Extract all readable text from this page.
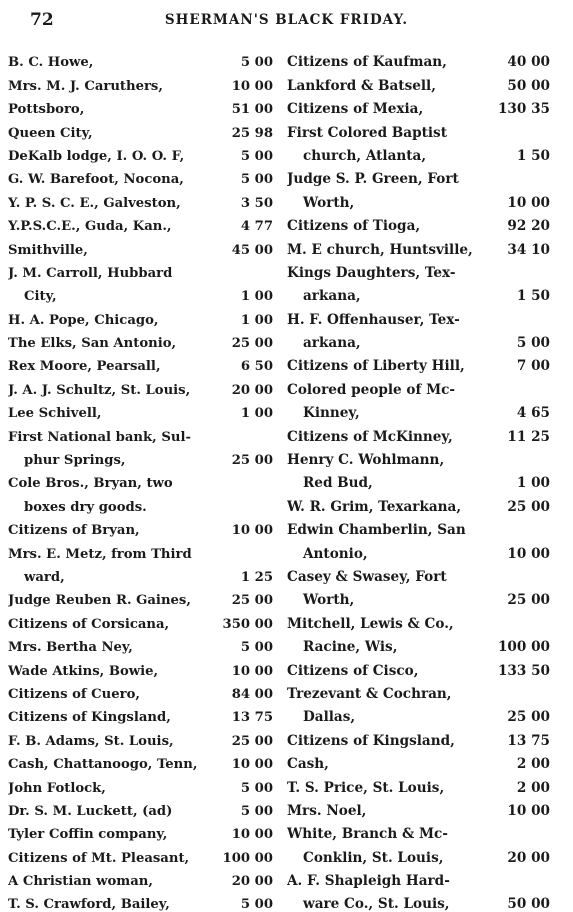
72	SHERMAN'S BLACK FRIDAY.
B. C. Howe,	5 00
Mrs. M. J. Caruthers,	10 00
Pottsboro,	51 00
Queen City,	25 98
DeKalb lodge, I. O. O. F,	5 00
G. W. Barefoot, Nocona,	5 00
Y. P. S. C. E., Galveston,	3 50
Y.P.S.C.E., Guda, Kan.,	4 77
Smithville,	45 00
J. M. Carroll, Hubbard
City,	1 00
H. A. Pope, Chicago,	1 00
The Elks, San Antonio,	25 00
Rex Moore, Pearsall,	6 50
J. A. J. Schultz, St. Louis,	20 00
Lee Schivell,	1 00
First National bank, Sul-
phur Springs,	25 00
Cole Bros., Bryan, two
boxes dry goods.
Citizens of Bryan,	10 00
Mrs. E. Metz, from Third
ward,	1 25
Judge Reuben R. Gaines,	25 00
Citizens of Corsicana,	350 00
Mrs. Bertha Ney,	5 00
Wade Atkins, Bowie,	10 00
Citizens of Cuero,	84 00
Citizens of Kingsland,	13 75
F. B. Adams, St. Louis,	25 00
Cash, Chattanoogo, Tenn,	10 00
John Fotlock,	5 00
Dr. S. M. Luckett, (ad)	5 00
Tyler Coffin company,	10 00
Citizens of Mt. Pleasant,	100 00
A Christian woman,	20 00
T. S. Crawford, Bailey,	5 00
Citizens of Kaufman,	40 00
Lankford & Batsell,	50 00
Citizens of Mexia,	130 35
First Colored Baptist
church, Atlanta,	1 50
Judge S. P. Green, Fort
Worth,	10 00
Citizens of Tioga,	92 20
M. E church, Huntsville,	34 10
Kings Daughters, Tex-
arkana,	1 50
H. F. Offenhauser, Tex-
arkana,	5 00
Citizens of Liberty Hill,	7 00
Colored people of Mc-
Kinney,	4 65
Citizens of McKinney,	11 25
Henry C. Wohlmann,
Red Bud,	1 00
W. R. Grim, Texarkana,	25 00
Edwin Chamberlin, San
Antonio,	10 00
Casey & Swasey, Fort
Worth,	25 00
Mitchell, Lewis & Co.,
Racine, Wis,	100 00
Citizens of Cisco,	133 50
Trezevant & Cochran,
Dallas,	25 00
Citizens of Kingsland,	13 75
Cash,	2 00
T. S. Price, St. Louis,	2 00
Mrs. Noel,	10 00
White, Branch & Mc-
Conklin, St. Louis,	20 00
A. F. Shapleigh Hard-
ware Co., St. Louis,	50 00
